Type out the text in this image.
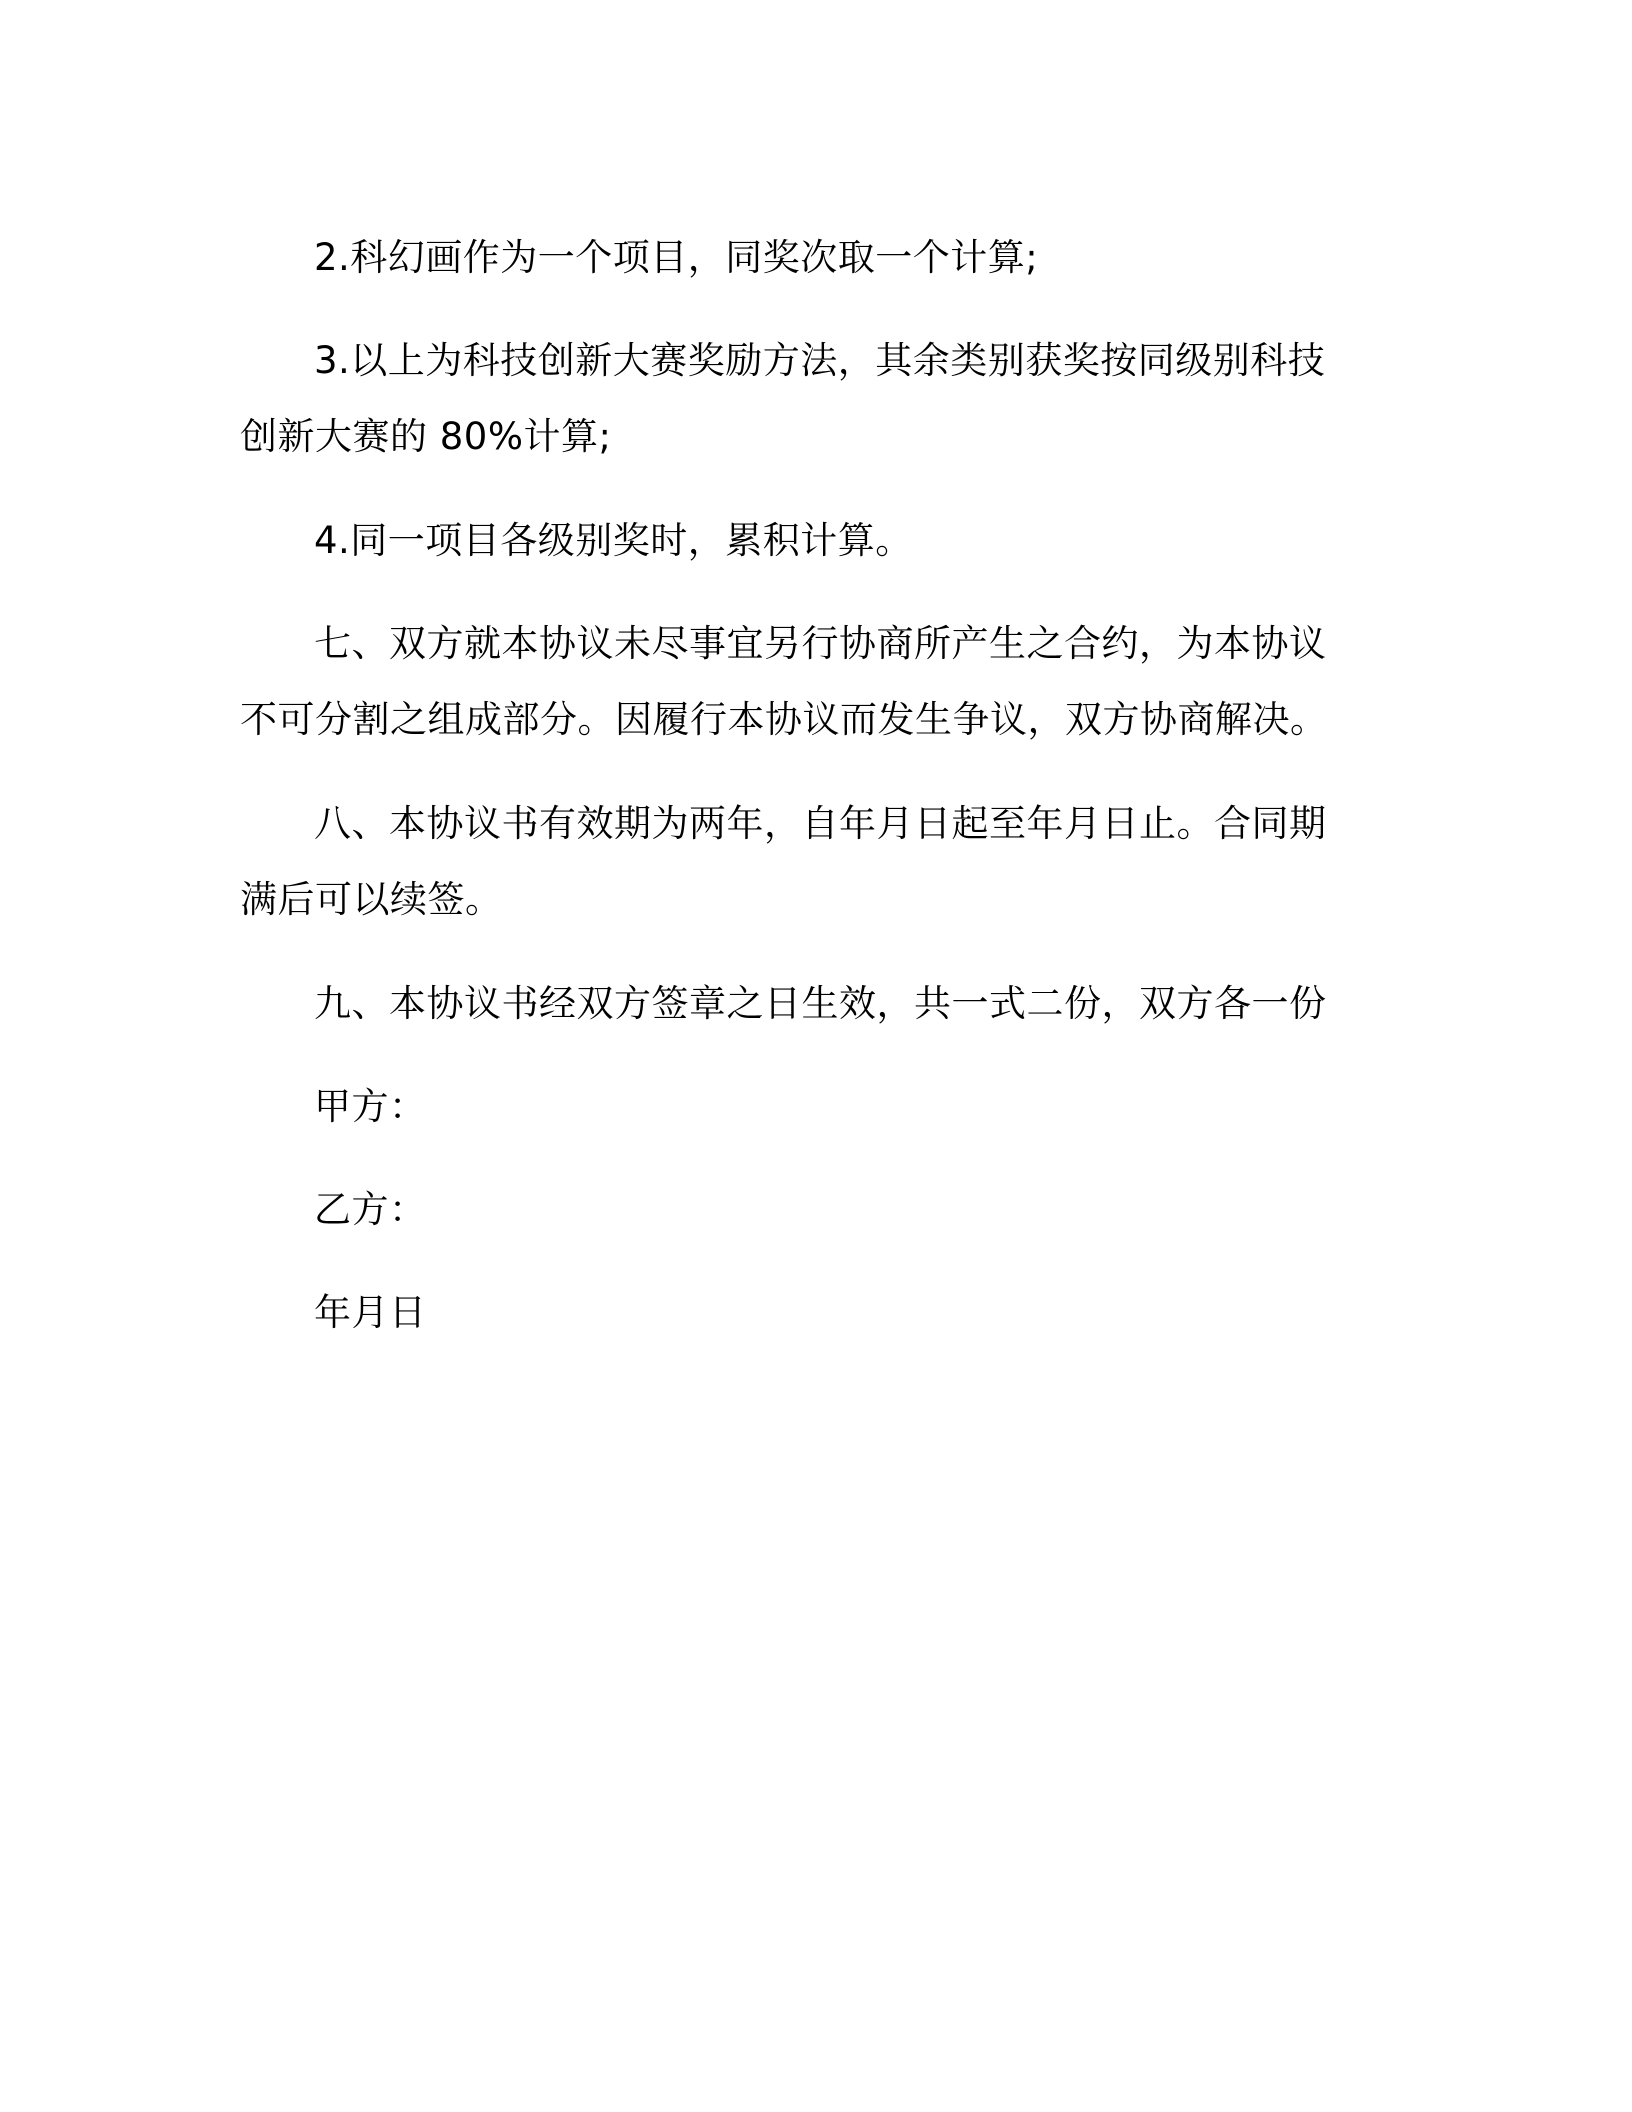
2.科幻画作为一个项目，同奖次取一个计算;

3.以上为科技创新大赛奖励方法，其余类别获奖按同级别科技创新大赛的 80%计算;

4.同一项目各级别奖时，累积计算。

七、双方就本协议未尽事宜另行协商所产生之合约，为本协议不可分割之组成部分。因履行本协议而发生争议，双方协商解决。

八、本协议书有效期为两年，自年月日起至年月日止。合同期满后可以续签。

九、本协议书经双方签章之日生效，共一式二份，双方各一份

甲方：

乙方：

年月日
